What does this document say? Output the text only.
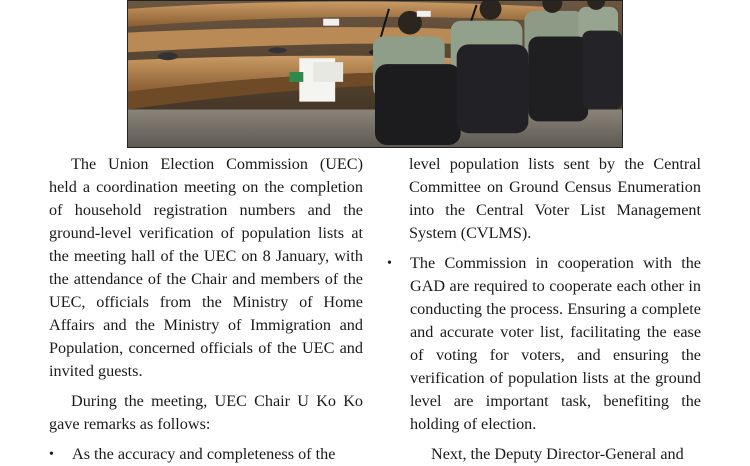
The Union Election Commission (UEC) held a coordination meeting on the completion of household registration numbers and the ground-level verification of population lists at the meeting hall of the UEC on 8 January, with the attendance of the Chair and members of the UEC, officials from the Ministry of Home Affairs and the Ministry of Immigration and Population, concerned officials of the UEC and invited guests.

During the meeting, UEC Chair U Ko Ko gave remarks as follows:

•	As the accuracy and completeness of the

level population lists sent by the Central Committee on Ground Census Enumeration into the Central Voter List Management System (CVLMS).

•	The Commission in cooperation with the GAD are required to cooperate each other in conducting the process. Ensuring a complete and accurate voter list, facilitating the ease of voting for voters, and ensuring the verification of population lists at the ground level are important task, benefiting the holding of election.

Next, the Deputy Director-General and
